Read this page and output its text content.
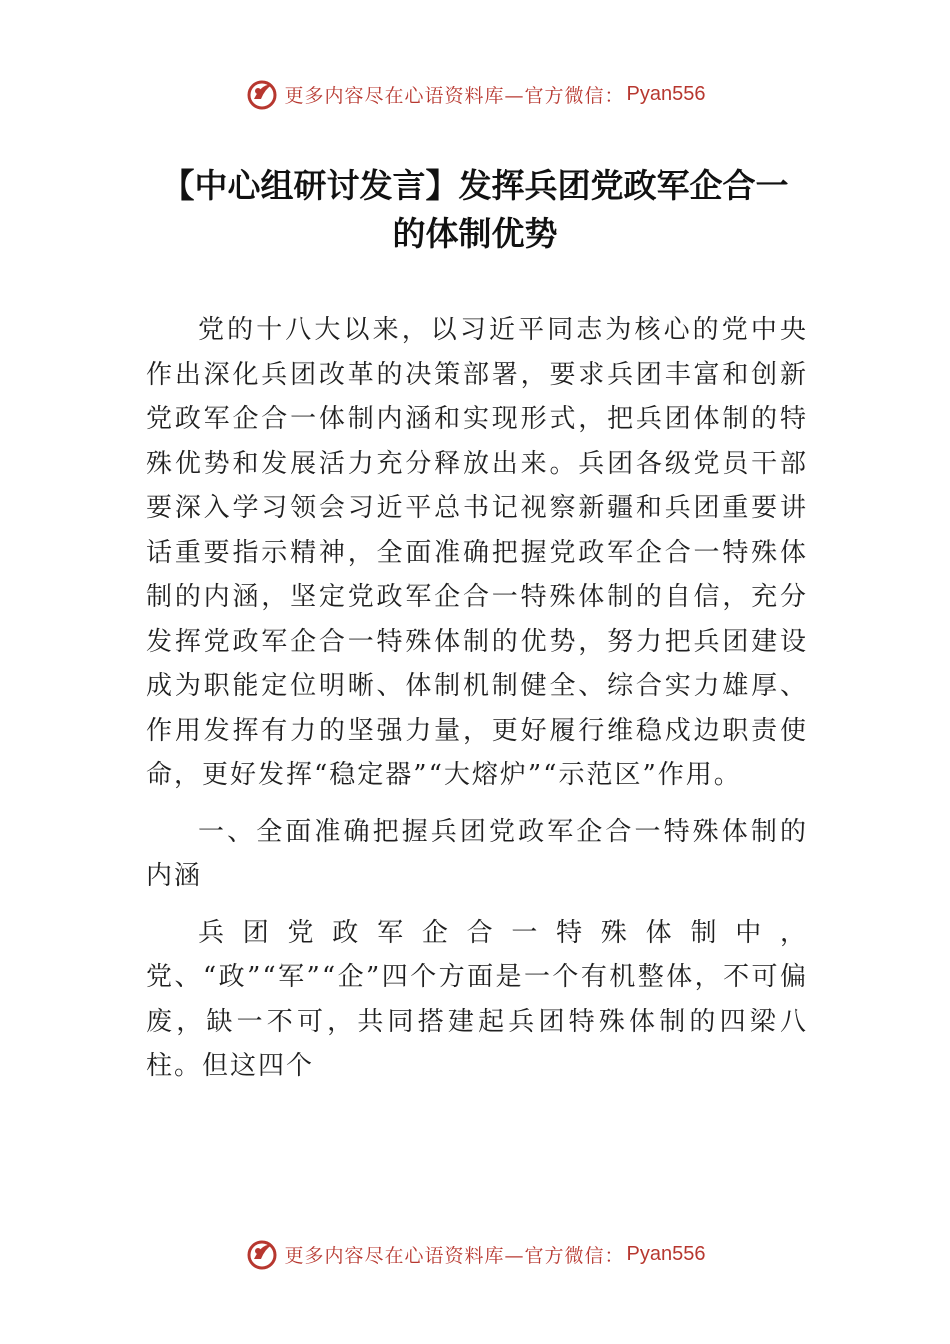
更多内容尽在心语资料库—官方微信： Pyan556
【中心组研讨发言】发挥兵团党政军企合一
的体制优势

党的十八大以来，以习近平同志为核心的党中央作出深化兵团改革的决策部署，要求兵团丰富和创新党政军企合一体制内涵和实现形式，把兵团体制的特殊优势和发展活力充分释放出来。兵团各级党员干部要深入学习领会习近平总书记视察新疆和兵团重要讲话重要指示精神，全面准确把握党政军企合一特殊体制的内涵，坚定党政军企合一特殊体制的自信，充分发挥党政军企合一特殊体制的优势，努力把兵团建设成为职能定位明晰、体制机制健全、综合实力雄厚、作用发挥有力的坚强力量，更好履行维稳戍边职责使命，更好发挥“稳定器”“大熔炉”“示范区”作用。

一、全面准确把握兵团党政军企合一特殊体制的内涵

兵团党政军企合一特殊体制中，党、“政”“军”“企”四个方面是一个有机整体，不可偏废，缺一不可，共同搭建起兵团特殊体制的四梁八柱。但这四个

更多内容尽在心语资料库—官方微信： Pyan556
